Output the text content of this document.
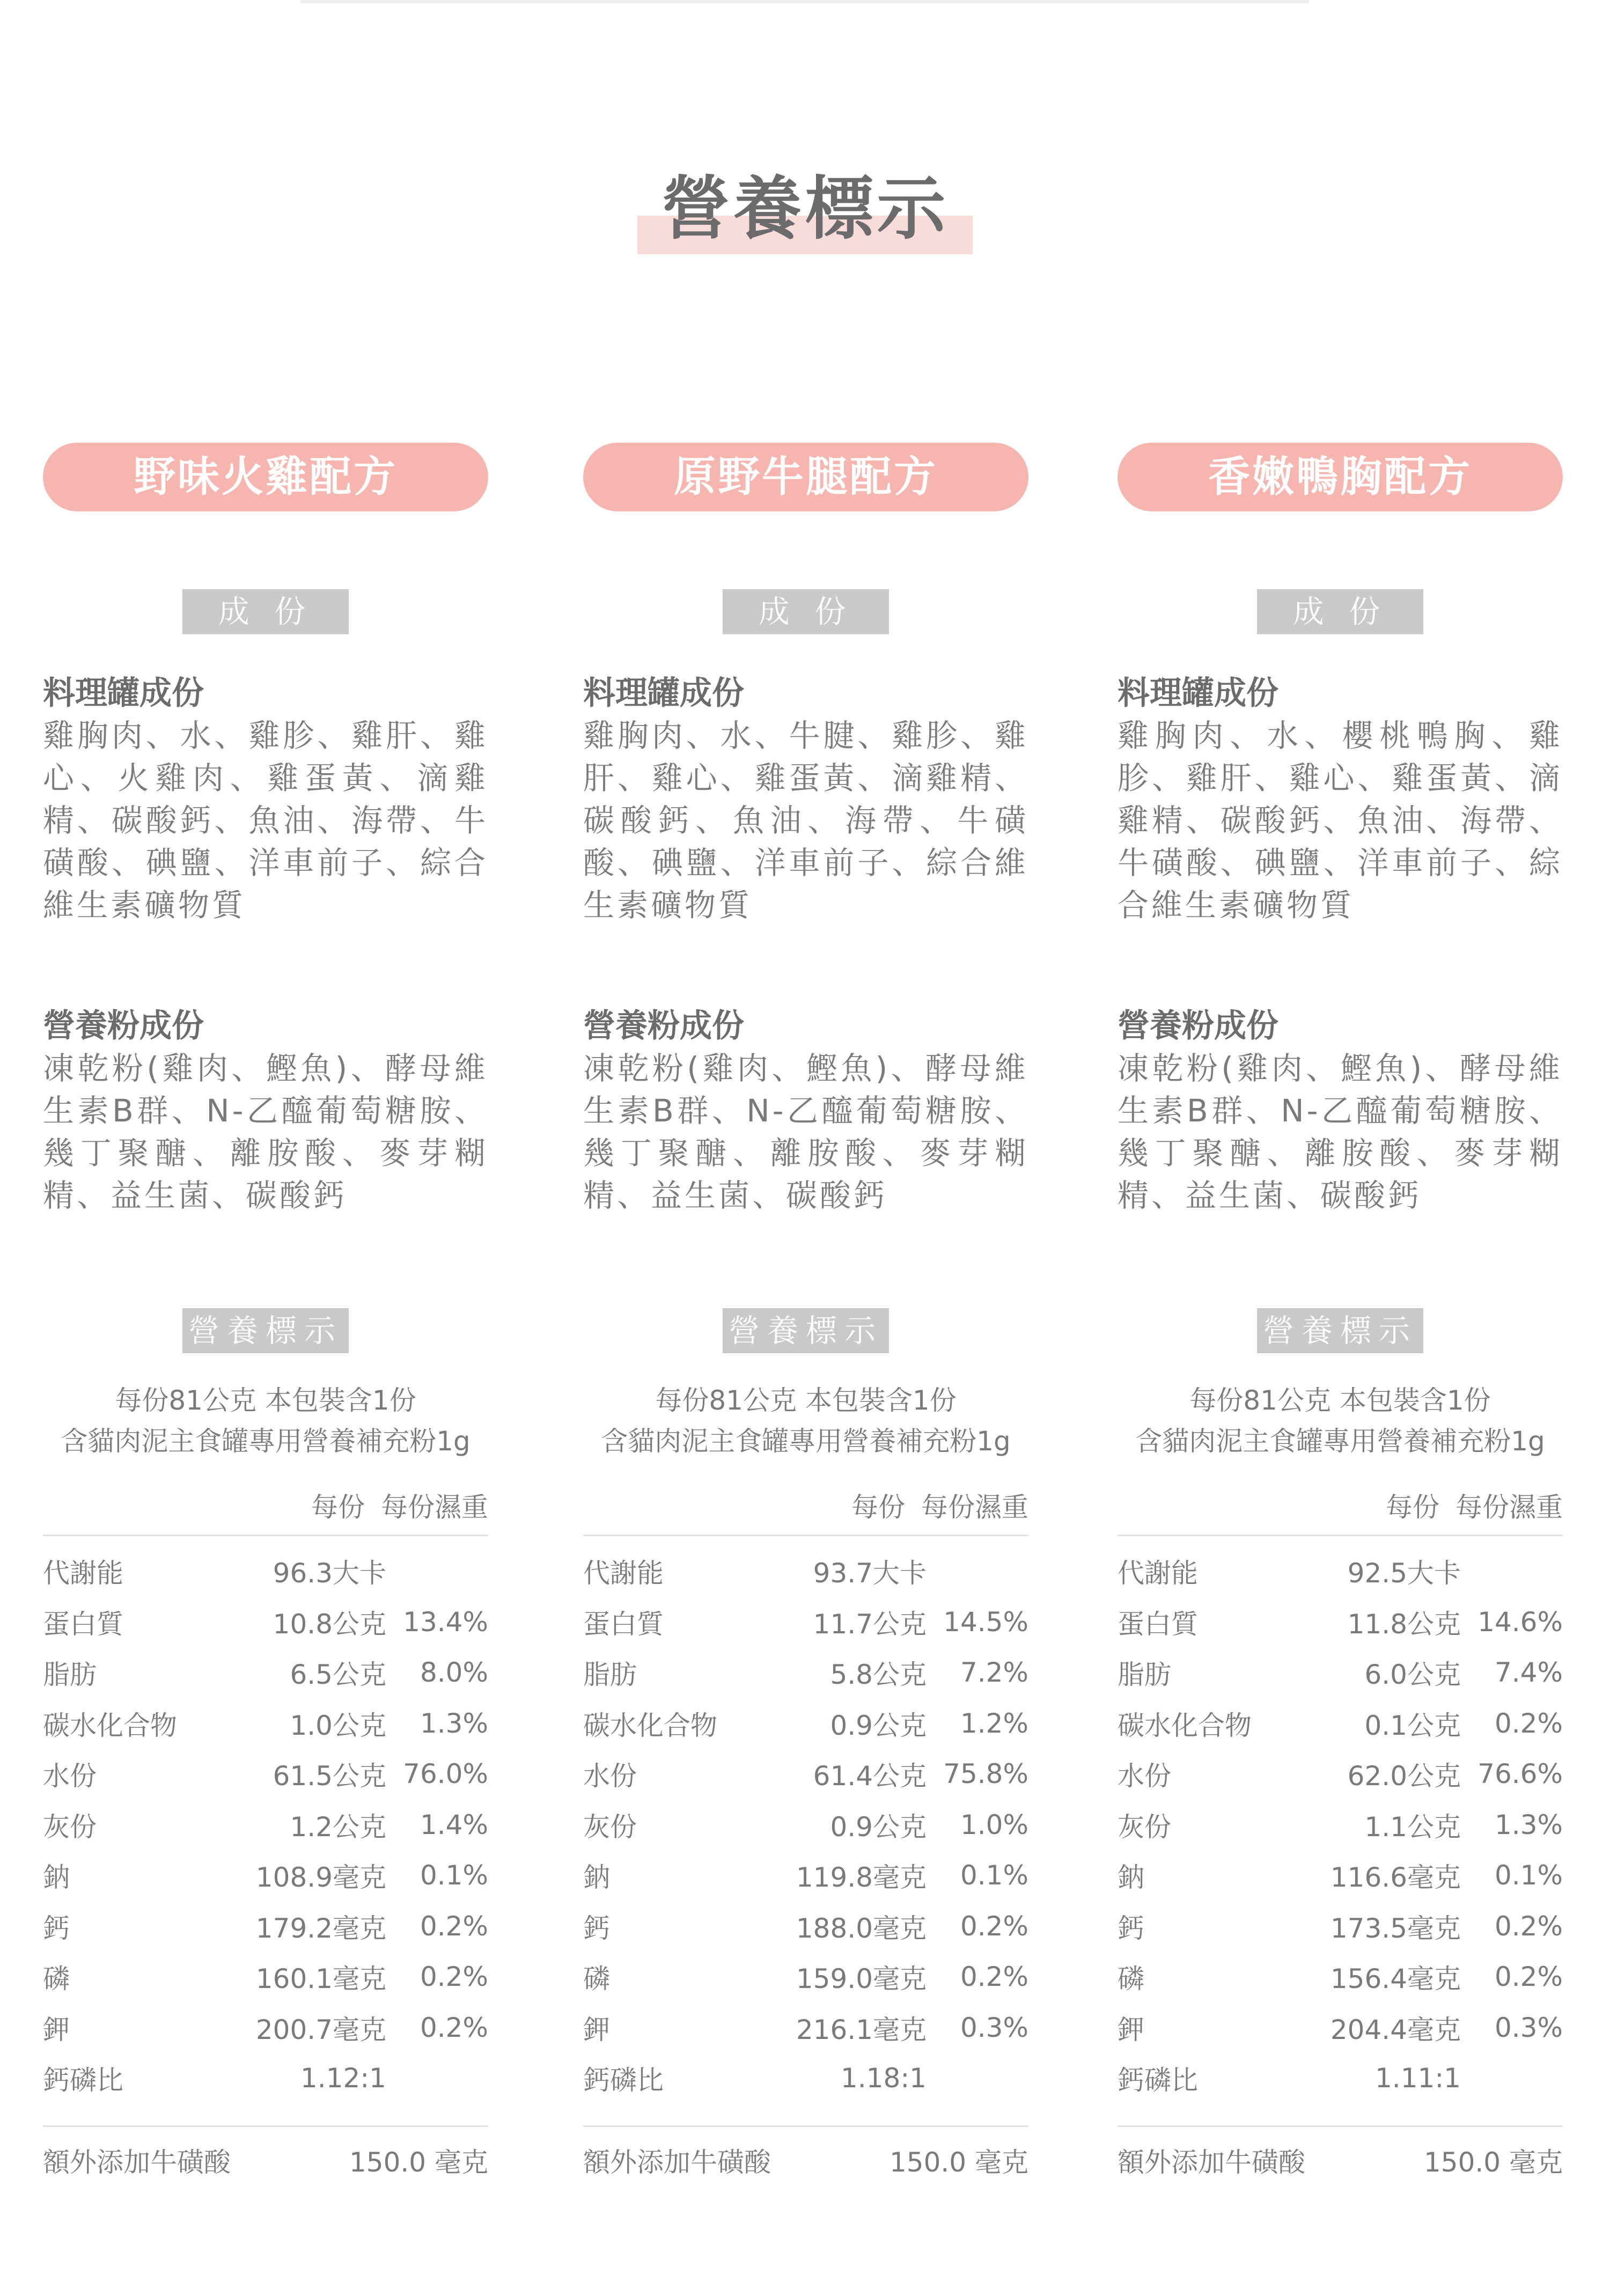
營養標示
野味火雞配方
成 份
料理罐成份

雞胸肉、水、雞胗、雞肝、雞心、火雞肉、雞蛋黃、滴雞精、碳酸鈣、魚油、海帶、牛磺酸、碘鹽、洋車前子、綜合維生素礦物質

營養粉成份

凍乾粉(雞肉、鰹魚)、酵母維生素B群、N-乙醯葡萄糖胺、幾丁聚醣、離胺酸、麥芽糊精、益生菌、碳酸鈣

營養標示
每份81公克 本包裝含1份
含貓肉泥主食罐專用營養補充粉1g
每份 每份濕重
代謝能	96.3大卡
蛋白質	10.8公克 13.4%
脂肪	6.5公克	8.0%
碳水化合物	1.0公克	1.3%
水份	61.5公克 76.0%
灰份	1.2公克	1.4%
鈉	108.9毫克	0.1%
鈣	179.2毫克	0.2%
磷	160.1毫克	0.2%
鉀	200.7毫克	0.2%
鈣磷比	1.12:1
額外添加牛磺酸	150.0 毫克
原野牛腿配方
成 份
料理罐成份

雞胸肉、水、牛腱、雞胗、雞肝、雞心、雞蛋黃、滴雞精、碳酸鈣、魚油、海帶、牛磺酸、碘鹽、洋車前子、綜合維生素礦物質

營養粉成份

凍乾粉(雞肉、鰹魚)、酵母維生素B群、N-乙醯葡萄糖胺、幾丁聚醣、離胺酸、麥芽糊精、益生菌、碳酸鈣

營養標示
每份81公克 本包裝含1份
含貓肉泥主食罐專用營養補充粉1g
每份 每份濕重
代謝能	93.7大卡
蛋白質	11.7公克 14.5%
脂肪	5.8公克	7.2%
碳水化合物	0.9公克	1.2%
水份	61.4公克 75.8%
灰份	0.9公克	1.0%
鈉	119.8毫克	0.1%
鈣	188.0毫克	0.2%
磷	159.0毫克	0.2%
鉀	216.1毫克	0.3%
鈣磷比	1.18:1
額外添加牛磺酸	150.0 毫克
香嫩鴨胸配方
成 份
料理罐成份

雞胸肉、水、櫻桃鴨胸、雞胗、雞肝、雞心、雞蛋黃、滴雞精、碳酸鈣、魚油、海帶、牛磺酸、碘鹽、洋車前子、綜合維生素礦物質

營養粉成份

凍乾粉(雞肉、鰹魚)、酵母維生素B群、N-乙醯葡萄糖胺、幾丁聚醣、離胺酸、麥芽糊精、益生菌、碳酸鈣

營養標示
每份81公克 本包裝含1份
含貓肉泥主食罐專用營養補充粉1g
每份 每份濕重
代謝能	92.5大卡
蛋白質	11.8公克 14.6%
脂肪	6.0公克	7.4%
碳水化合物	0.1公克	0.2%
水份	62.0公克 76.6%
灰份	1.1公克	1.3%
鈉	116.6毫克	0.1%
鈣	173.5毫克	0.2%
磷	156.4毫克	0.2%
鉀	204.4毫克	0.3%
鈣磷比	1.11:1
額外添加牛磺酸	150.0 毫克
